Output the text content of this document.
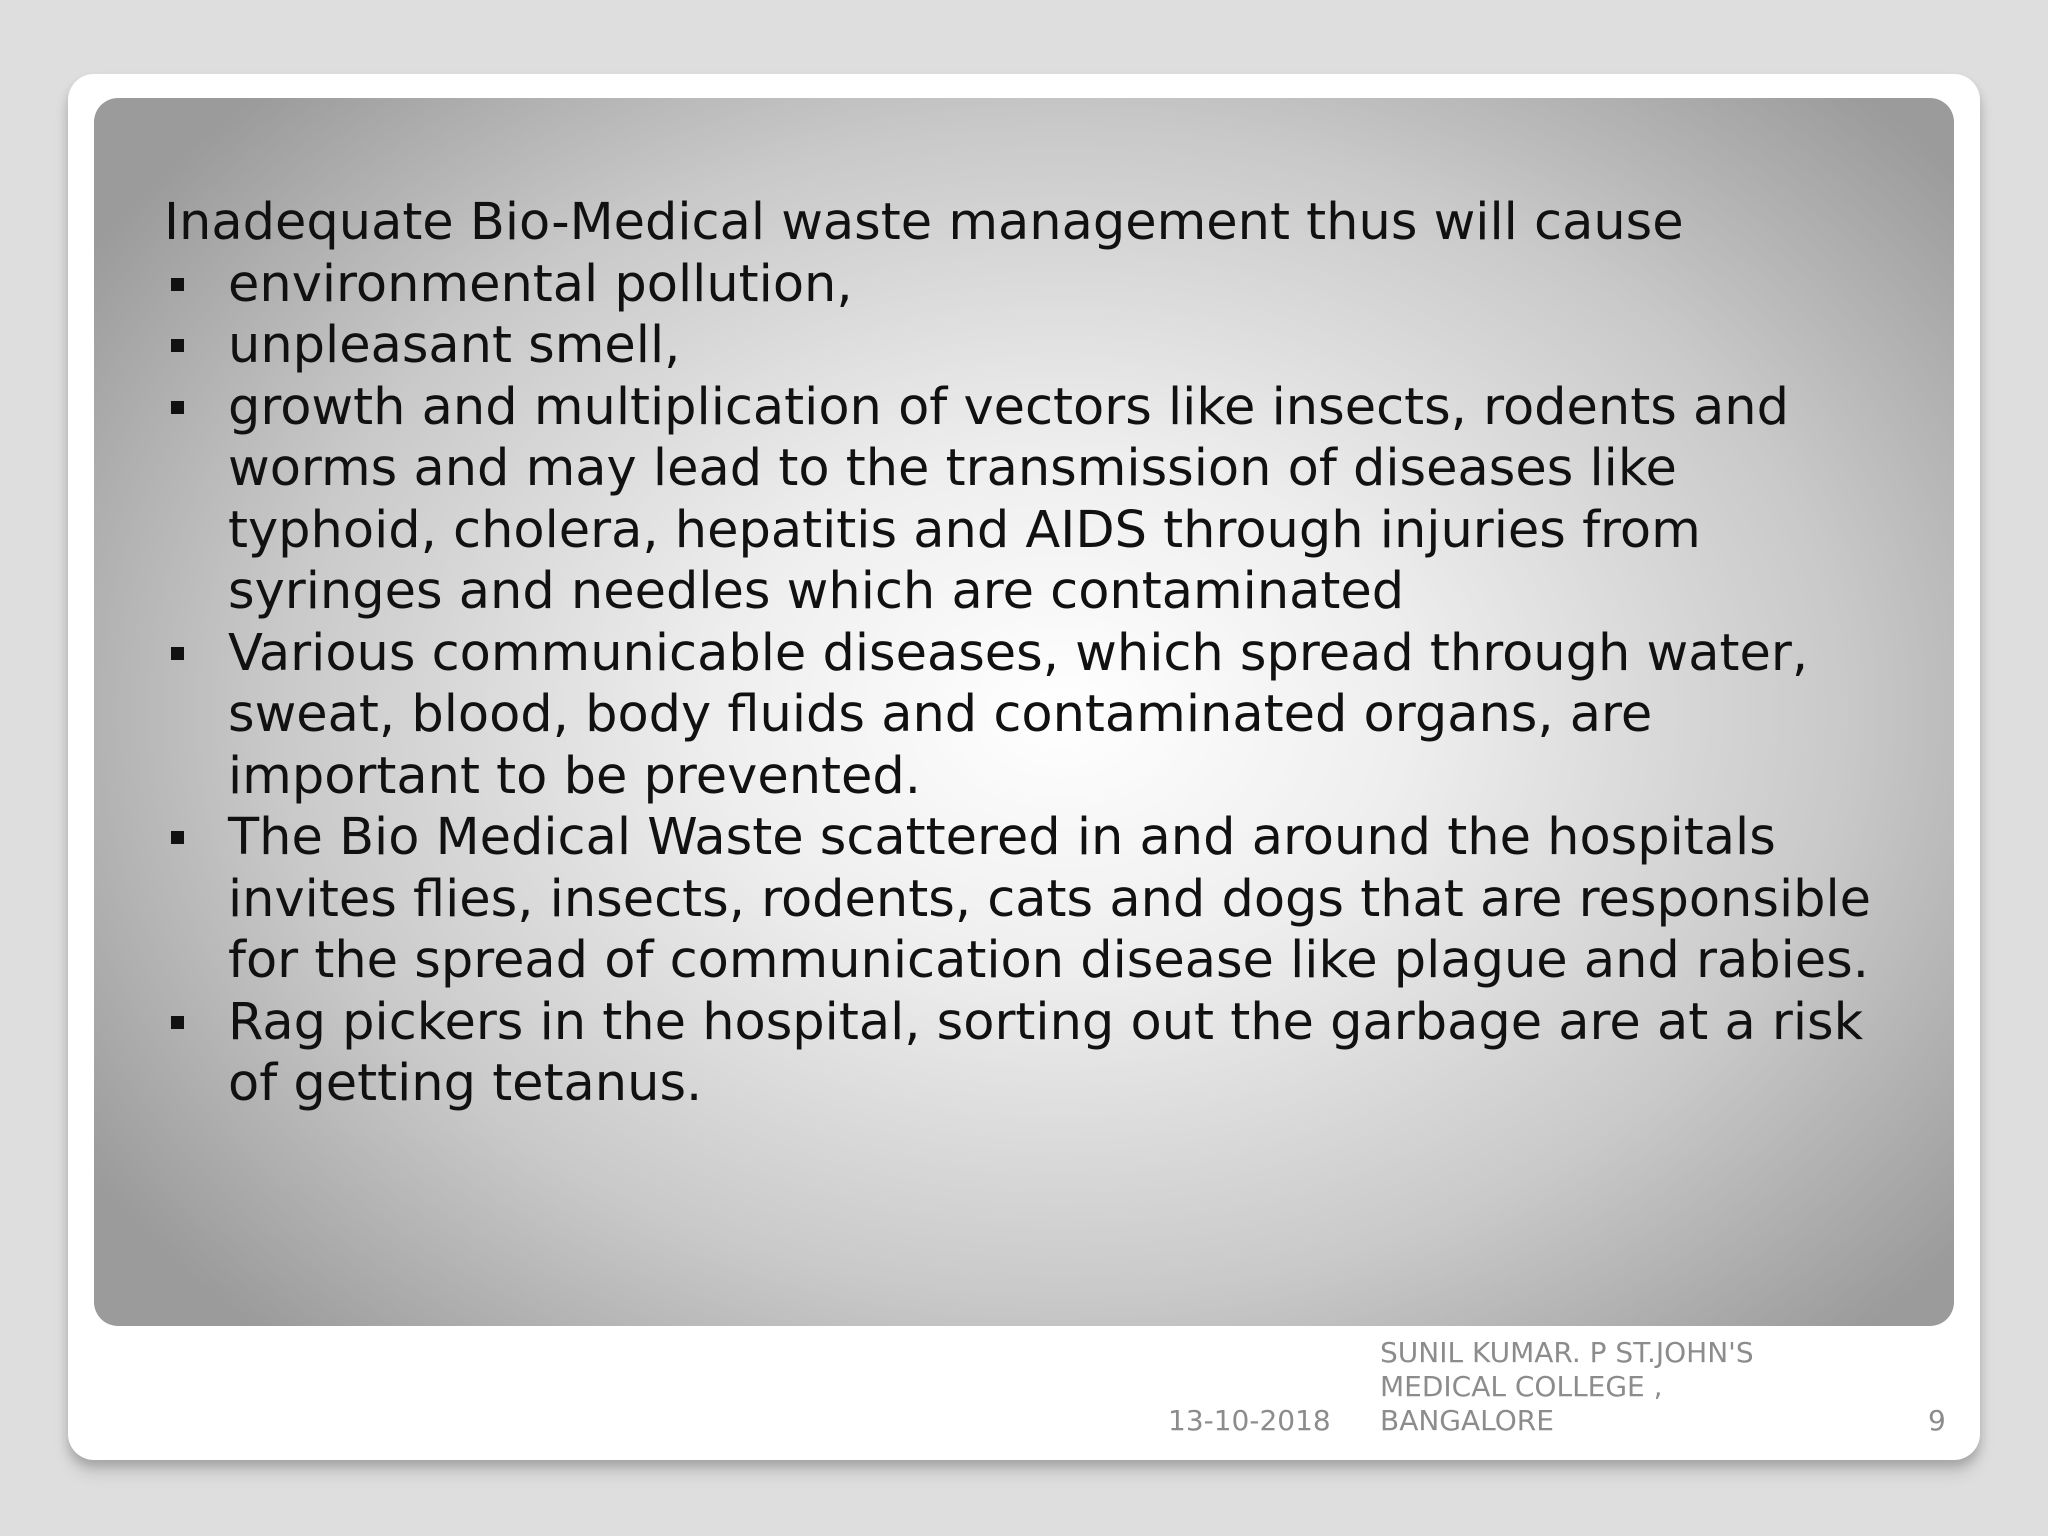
Inadequate Bio-Medical waste management thus will cause

environmental pollution,
unpleasant smell,
growth and multiplication of vectors like insects, rodents and
worms and may lead to the transmission of diseases like
typhoid, cholera, hepatitis and AIDS through injuries from
syringes and needles which are contaminated
Various communicable diseases, which spread through water,
sweat, blood, body fluids and contaminated organs, are
important to be prevented.
The Bio Medical Waste scattered in and around the hospitals
invites flies, insects, rodents, cats and dogs that are responsible
for the spread of communication disease like plague and rabies.
Rag pickers in the hospital, sorting out the garbage are at a risk
of getting tetanus.
13-10-2018
SUNIL KUMAR. P ST.JOHN'S
MEDICAL COLLEGE ,
BANGALORE	9
